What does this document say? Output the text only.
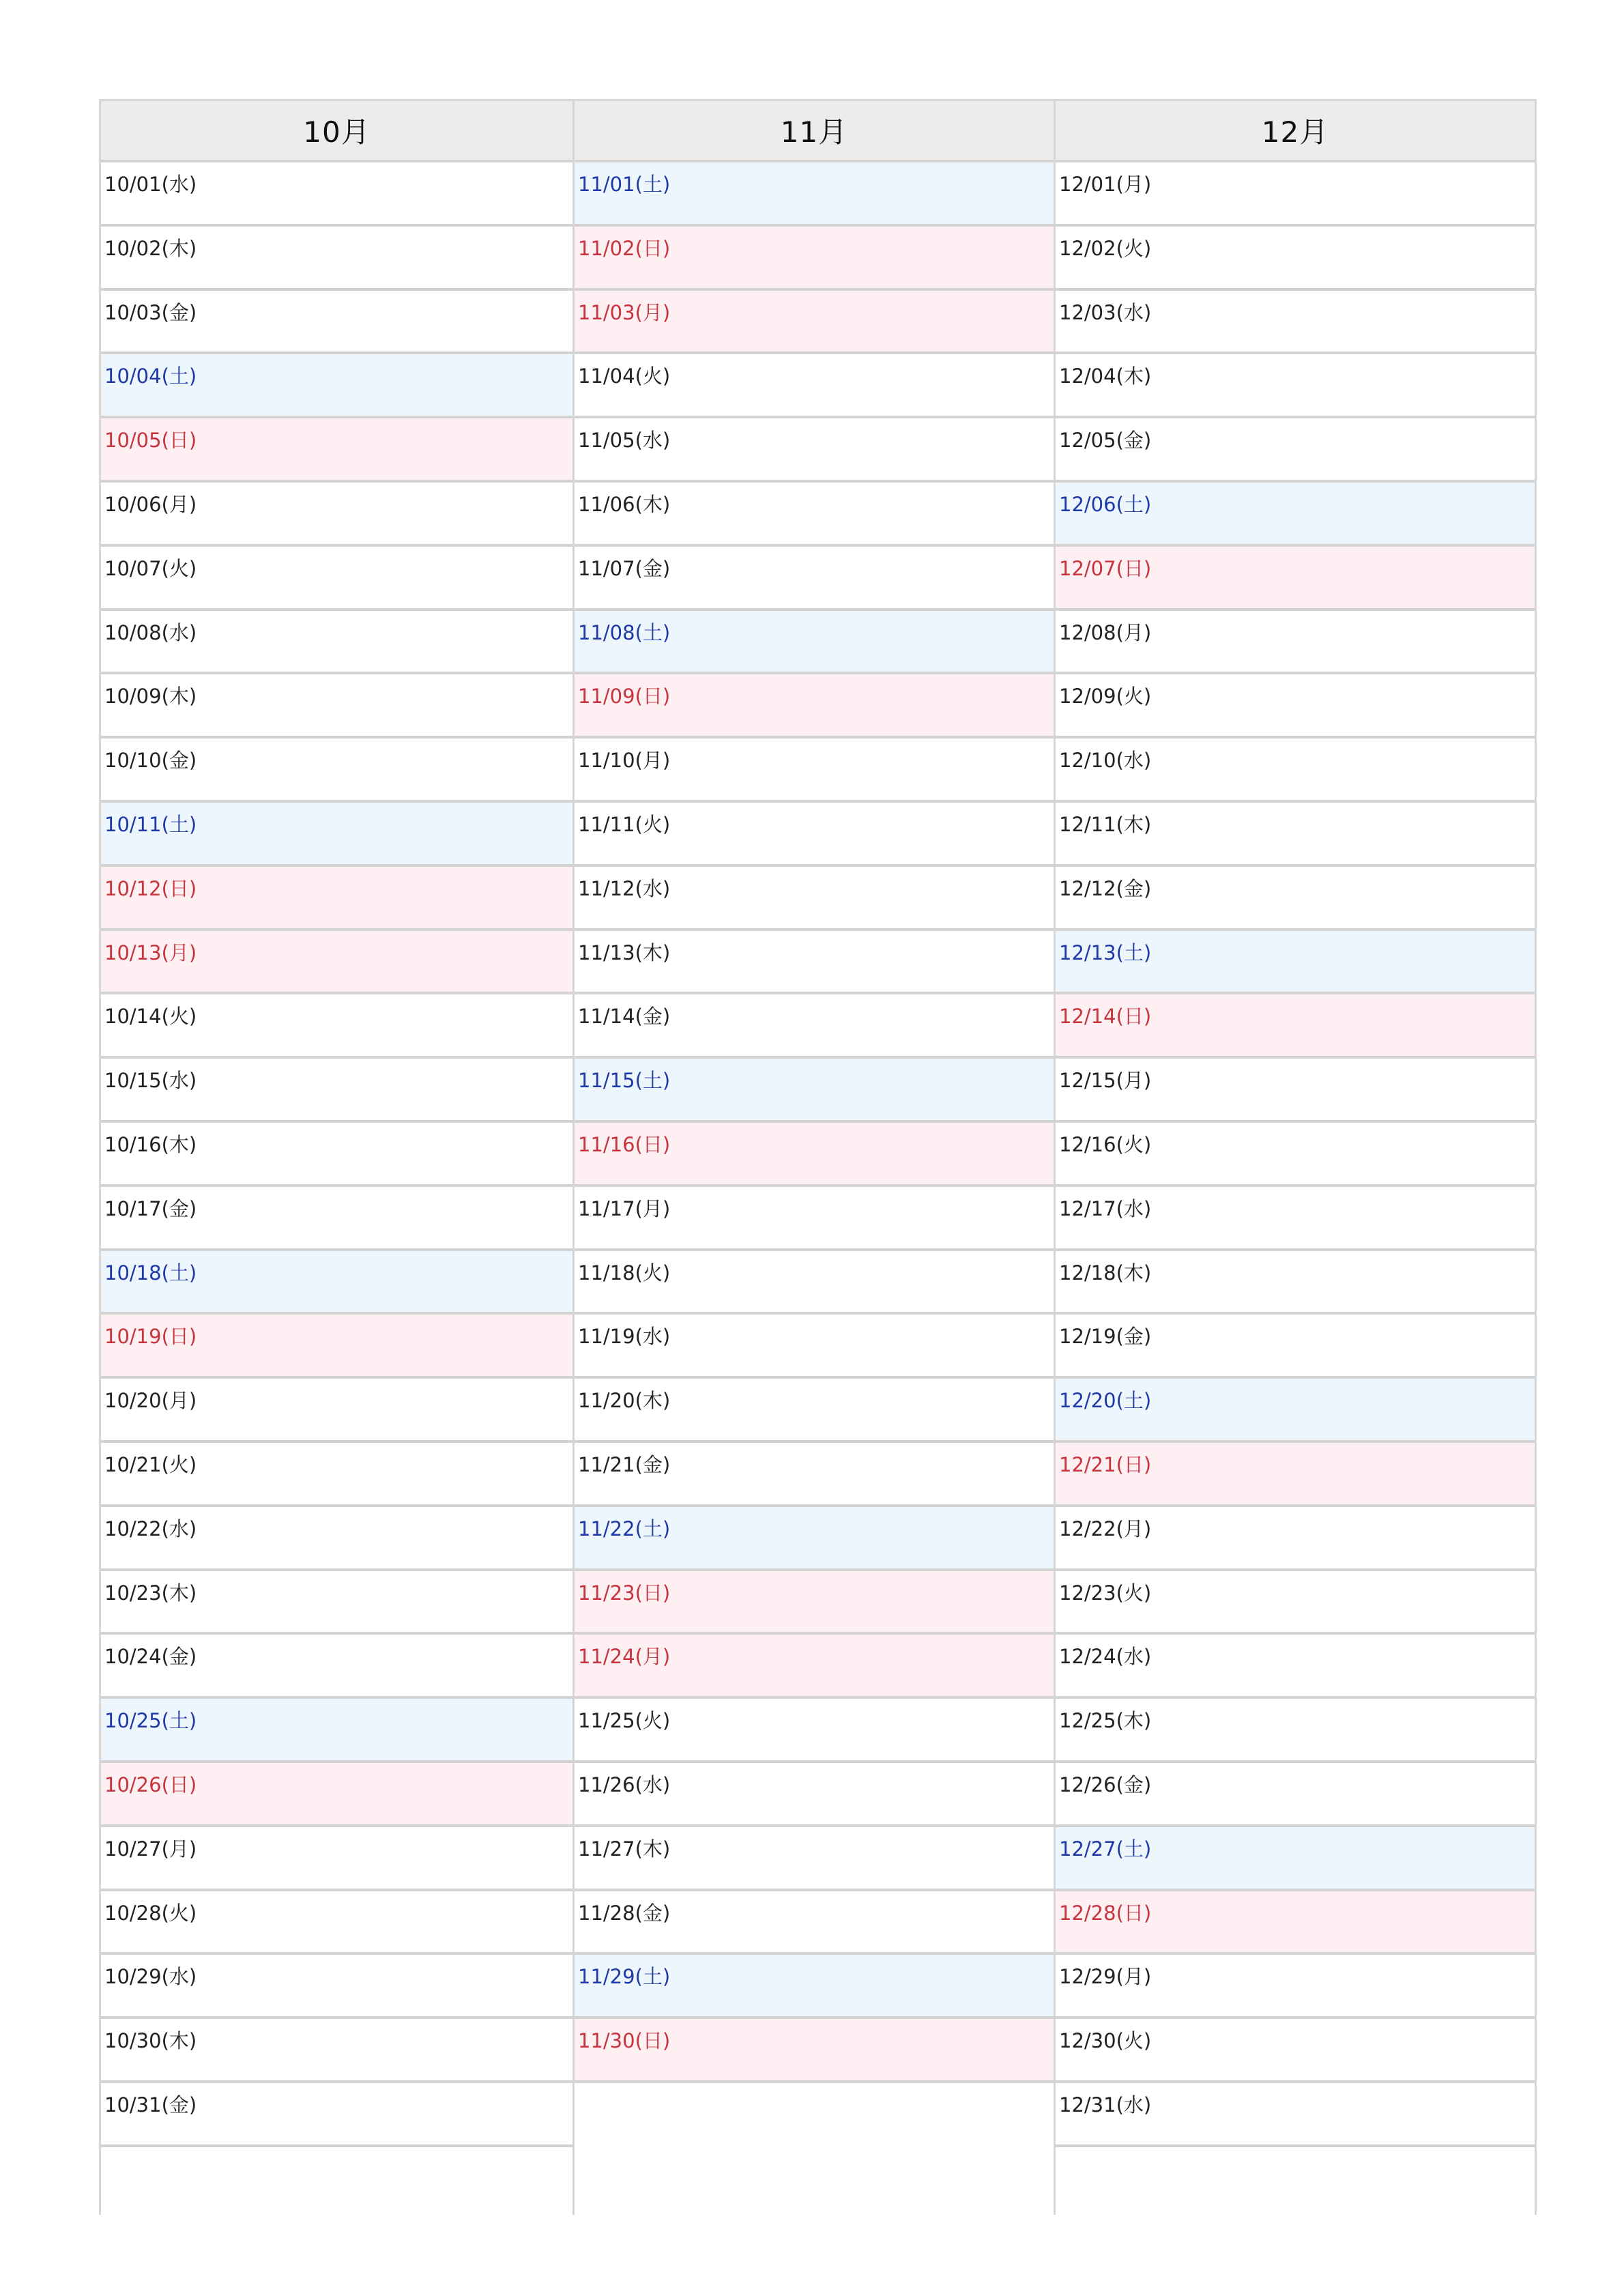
10月
10/01(水)
10/02(木)
10/03(金)
10/04(土)
10/05(日)
10/06(月)
10/07(火)
10/08(水)
10/09(木)
10/10(金)
10/11(土)
10/12(日)
10/13(月)
10/14(火)
10/15(水)
10/16(木)
10/17(金)
10/18(土)
10/19(日)
10/20(月)
10/21(火)
10/22(水)
10/23(木)
10/24(金)
10/25(土)
10/26(日)
10/27(月)
10/28(火)
10/29(水)
10/30(木)
10/31(金)
11月
11/01(土)
11/02(日)
11/03(月)
11/04(火)
11/05(水)
11/06(木)
11/07(金)
11/08(土)
11/09(日)
11/10(月)
11/11(火)
11/12(水)
11/13(木)
11/14(金)
11/15(土)
11/16(日)
11/17(月)
11/18(火)
11/19(水)
11/20(木)
11/21(金)
11/22(土)
11/23(日)
11/24(月)
11/25(火)
11/26(水)
11/27(木)
11/28(金)
11/29(土)
11/30(日)
12月
12/01(月)
12/02(火)
12/03(水)
12/04(木)
12/05(金)
12/06(土)
12/07(日)
12/08(月)
12/09(火)
12/10(水)
12/11(木)
12/12(金)
12/13(土)
12/14(日)
12/15(月)
12/16(火)
12/17(水)
12/18(木)
12/19(金)
12/20(土)
12/21(日)
12/22(月)
12/23(火)
12/24(水)
12/25(木)
12/26(金)
12/27(土)
12/28(日)
12/29(月)
12/30(火)
12/31(水)
